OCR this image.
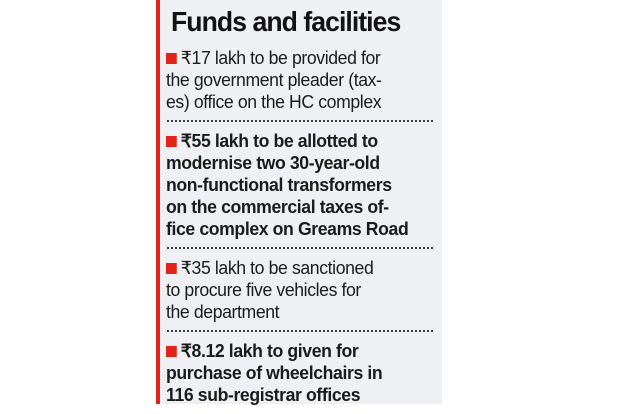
Funds and facilities
₹17 lakh to be provided for
the government pleader (tax-
es) office on the HC complex
₹55 lakh to be allotted to
modernise two 30-year-old
non-functional transformers
on the commercial taxes of-
fice complex on Greams Road
₹35 lakh to be sanctioned
to procure five vehicles for
the department
₹8.12 lakh to given for
purchase of wheelchairs in
116 sub-registrar offices
